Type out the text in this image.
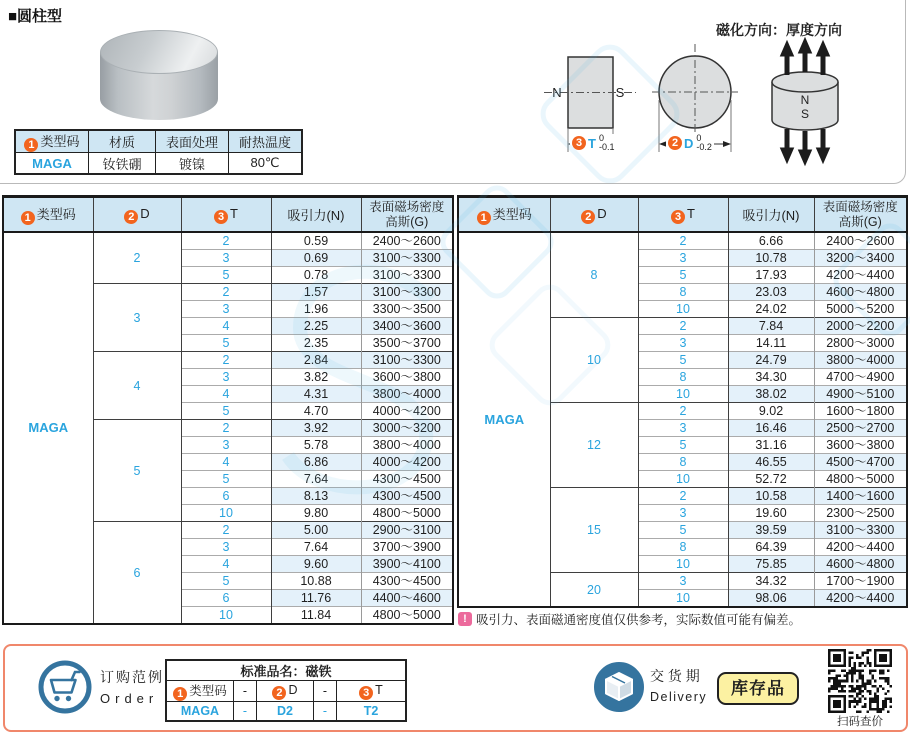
■圆柱型
1 类型码	材质	表面处理	耐热温度
MAGA	钕铁硼	镀镍	80℃
磁化方向：厚度方向
N	S	N
S
3 T 0
-0.1	2 D 0
-0.2
1 类型码	2 D	3 T	吸引力(N)	表面磁场密度
高斯(G)

MAGA	2	2	0.59	2400～2600
		3	0.69	3100～3300
		5	0.78	3100～3300
	3	2	1.57	3100～3300
		3	1.96	3300～3500
		4	2.25	3400～3600
		5	2.35	3500～3700
	4	2	2.84	3100～3300
		3	3.82	3600～3800
		4	4.31	3800～4000
		5	4.70	4000～4200
	5	2	3.92	3000～3200
		3	5.78	3800～4000
		4	6.86	4000～4200
		5	7.64	4300～4500
		6	8.13	4300～4500
		10	9.80	4800～5000
	6	2	5.00	2900～3100
		3	7.64	3700～3900
		4	9.60	3900～4100
		5	10.88	4300～4500
		6	11.76	4400～4600
		10	11.84	4800～5000
1 类型码	2 D	3 T	吸引力(N)	表面磁场密度
高斯(G)

MAGA	8	2	6.66	2400～2600
		3	10.78	3200～3400
		5	17.93	4200～4400
		8	23.03	4600～4800
		10	24.02	5000～5200
	10	2	7.84	2000～2200
		3	14.11	2800～3000
		5	24.79	3800～4000
		8	34.30	4700～4900
		10	38.02	4900～5100
	12	2	9.02	1600～1800
		3	16.46	2500～2700
		5	31.16	3600～3800
		8	46.55	4500～4700
		10	52.72	4800～5000
	15	2	10.58	1400～1600
		3	19.60	2300～2500
		5	39.59	3100～3300
		8	64.39	4200～4400
		10	75.85	4600～4800
	20	3	34.32	1700～1900
		10	98.06	4200～4400
! 吸引力、表面磁通密度值仅供参考，实际数值可能有偏差。
订购范例
Order
标准品名：磁铁				
1 类型码	-	2 D	-	3 T
MAGA	-	D2	-	T2
交 货 期
Delivery	库存品
扫码查价
